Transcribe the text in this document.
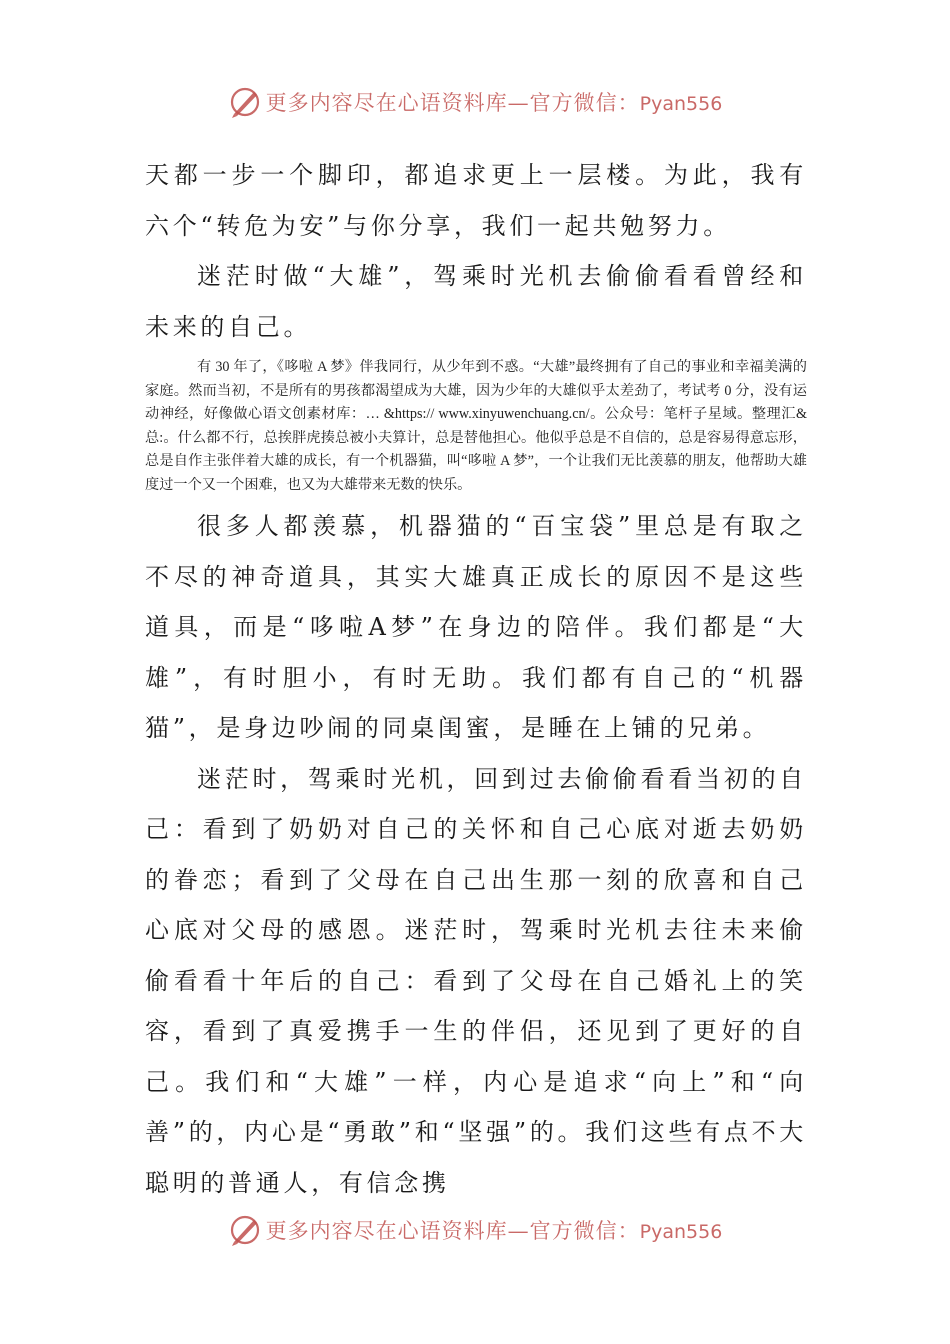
更多内容尽在心语资料库—官方微信：Pyan556

天都一步一个脚印，都追求更上一层楼。为此，我有六个“转危为安”与你分享，我们一起共勉努力。

迷茫时做“大雄”，驾乘时光机去偷偷看看曾经和未来的自己。

有 30 年了，《哆啦 A 梦》伴我同行，从少年到不惑。“大雄”最终拥有了自己的事业和幸福美满的家庭。然而当初，不是所有的男孩都渴望成为大雄，因为少年的大雄似乎太差劲了，考试考 0 分，没有运动神经，好像做心语文创素材库：… &https:// www.xinyuwenchuang.cn/。公众号：笔杆子星域。整理汇&总:。什么都不行，总挨胖虎揍总被小夫算计，总是替他担心。他似乎总是不自信的，总是容易得意忘形，总是自作主张伴着大雄的成长，有一个机器猫，叫“哆啦 A 梦”，一个让我们无比羡慕的朋友，他帮助大雄度过一个又一个困难，也又为大雄带来无数的快乐。

很多人都羡慕，机器猫的“百宝袋”里总是有取之不尽的神奇道具，其实大雄真正成长的原因不是这些道具，而是“哆啦A梦”在身边的陪伴。我们都是“大雄”，有时胆小，有时无助。我们都有自己的“机器猫”，是身边吵闹的同桌闺蜜，是睡在上铺的兄弟。

迷茫时，驾乘时光机，回到过去偷偷看看当初的自己：看到了奶奶对自己的关怀和自己心底对逝去奶奶的眷恋；看到了父母在自己出生那一刻的欣喜和自己心底对父母的感恩。迷茫时，驾乘时光机去往未来偷偷看看十年后的自己：看到了父母在自己婚礼上的笑容，看到了真爱携手一生的伴侣，还见到了更好的自己。我们和“大雄”一样，内心是追求“向上”和“向善”的，内心是“勇敢”和“坚强”的。我们这些有点不大聪明的普通人，有信念携

更多内容尽在心语资料库—官方微信：Pyan556
